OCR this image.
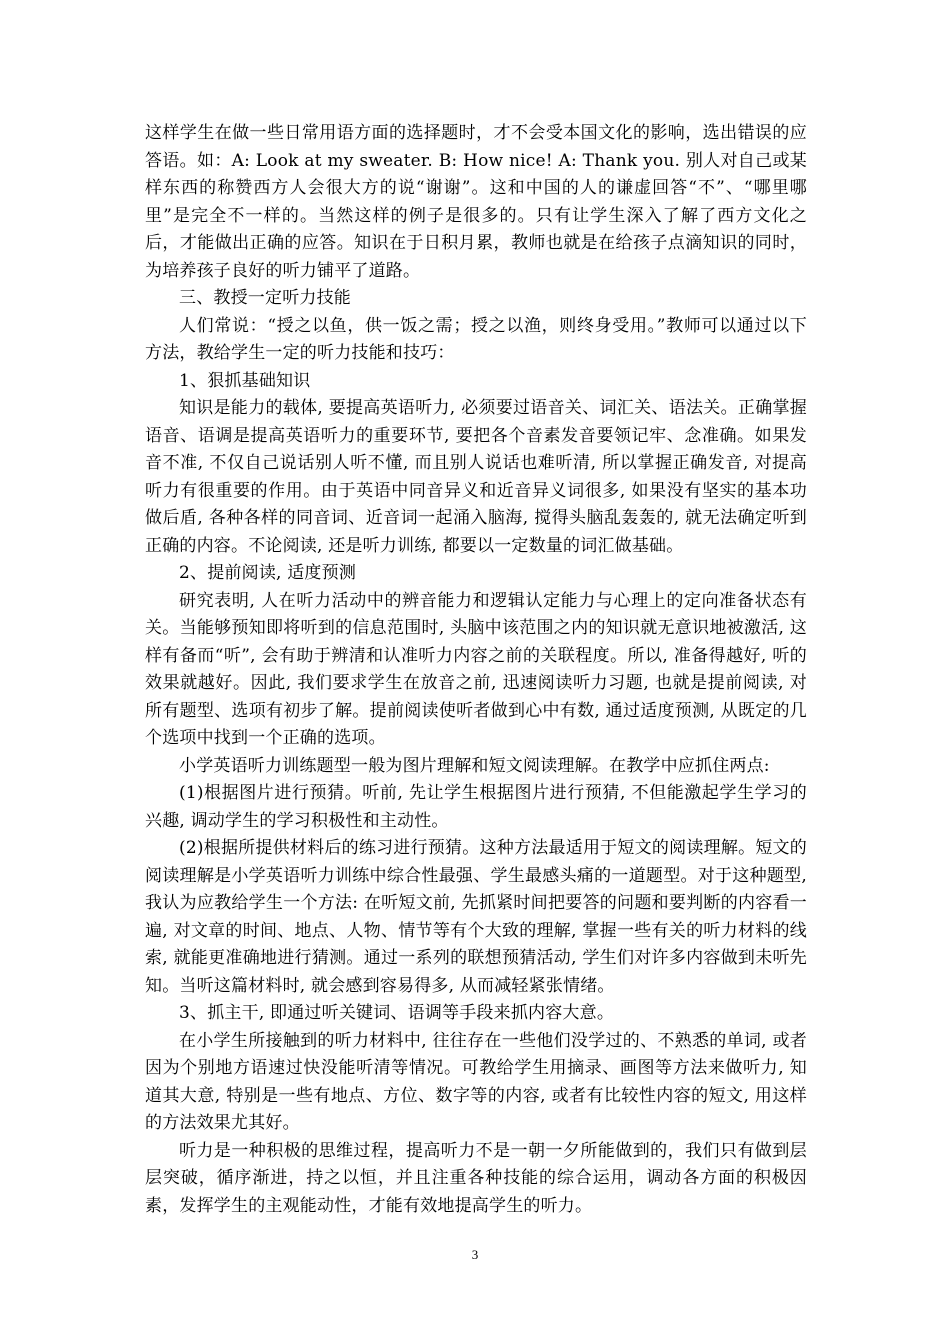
这样学生在做一些日常用语方面的选择题时，才不会受本国文化的影响，选出错误的应答语。如：A: Look at my sweater. B: How nice! A: Thank you. 别人对自己或某样东西的称赞西方人会很大方的说“谢谢”。这和中国的人的谦虚回答“不”、“哪里哪里”是完全不一样的。当然这样的例子是很多的。只有让学生深入了解了西方文化之后，才能做出正确的应答。知识在于日积月累，教师也就是在给孩子点滴知识的同时，为培养孩子良好的听力铺平了道路。

三、教授一定听力技能

人们常说：“授之以鱼，供一饭之需；授之以渔，则终身受用。”教师可以通过以下方法，教给学生一定的听力技能和技巧：

1、狠抓基础知识

知识是能力的载体, 要提高英语听力, 必须要过语音关、词汇关、语法关。正确掌握语音、语调是提高英语听力的重要环节, 要把各个音素发音要领记牢、念准确。如果发音不准, 不仅自己说话别人听不懂, 而且别人说话也难听清, 所以掌握正确发音, 对提高听力有很重要的作用。由于英语中同音异义和近音异义词很多, 如果没有坚实的基本功做后盾, 各种各样的同音词、近音词一起涌入脑海, 搅得头脑乱轰轰的, 就无法确定听到正确的内容。不论阅读, 还是听力训练, 都要以一定数量的词汇做基础。

2、提前阅读, 适度预测

研究表明, 人在听力活动中的辨音能力和逻辑认定能力与心理上的定向准备状态有关。当能够预知即将听到的信息范围时, 头脑中该范围之内的知识就无意识地被激活, 这样有备而“听”, 会有助于辨清和认准听力内容之前的关联程度。所以, 准备得越好, 听的效果就越好。因此, 我们要求学生在放音之前, 迅速阅读听力习题, 也就是提前阅读, 对所有题型、选项有初步了解。提前阅读使听者做到心中有数, 通过适度预测, 从既定的几个选项中找到一个正确的选项。

小学英语听力训练题型一般为图片理解和短文阅读理解。在教学中应抓住两点:

(1)根据图片进行预猜。听前, 先让学生根据图片进行预猜, 不但能激起学生学习的兴趣, 调动学生的学习积极性和主动性。

(2)根据所提供材料后的练习进行预猜。这种方法最适用于短文的阅读理解。短文的阅读理解是小学英语听力训练中综合性最强、学生最感头痛的一道题型。对于这种题型, 我认为应教给学生一个方法: 在听短文前, 先抓紧时间把要答的问题和要判断的内容看一遍, 对文章的时间、地点、人物、情节等有个大致的理解, 掌握一些有关的听力材料的线索, 就能更准确地进行猜测。通过一系列的联想预猜活动, 学生们对许多内容做到未听先知。当听这篇材料时, 就会感到容易得多, 从而减轻紧张情绪。

3、抓主干, 即通过听关键词、语调等手段来抓内容大意。

在小学生所接触到的听力材料中, 往往存在一些他们没学过的、不熟悉的单词, 或者因为个别地方语速过快没能听清等情况。可教给学生用摘录、画图等方法来做听力, 知道其大意, 特别是一些有地点、方位、数字等的内容, 或者有比较性内容的短文, 用这样的方法效果尤其好。

听力是一种积极的思维过程，提高听力不是一朝一夕所能做到的，我们只有做到层层突破，循序渐进，持之以恒，并且注重各种技能的综合运用，调动各方面的积极因素，发挥学生的主观能动性，才能有效地提高学生的听力。

3
